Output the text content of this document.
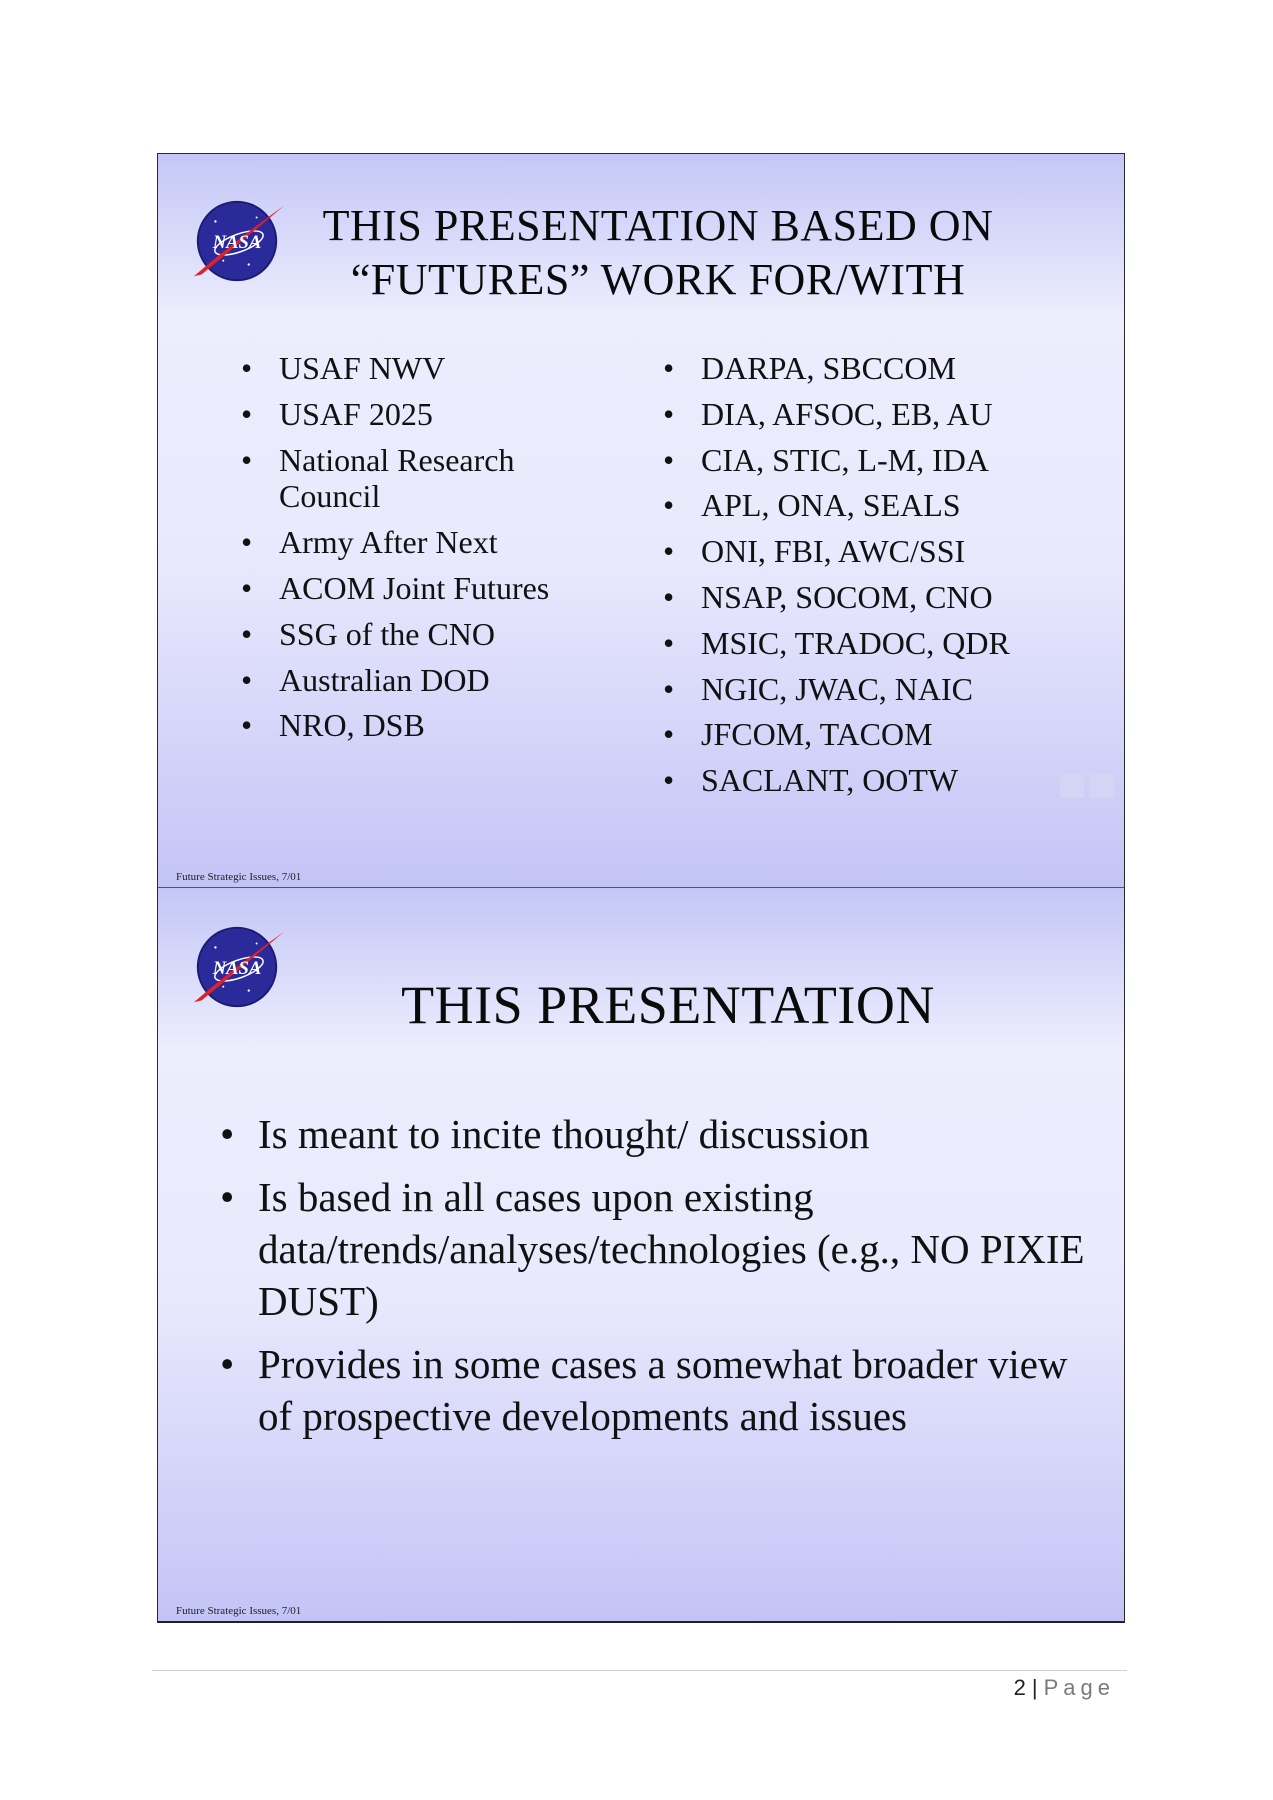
NASA	THIS PRESENTATION BASED ON
“FUTURES” WORK FOR/WITH
• USAF NWV
• USAF 2025
• National Research Council
• Army After Next
• ACOM Joint Futures
• SSG of the CNO
• Australian DOD
• NRO, DSB
• DARPA, SBCCOM
• DIA, AFSOC, EB, AU
• CIA, STIC, L-M, IDA
• APL, ONA, SEALS
• ONI, FBI, AWC/SSI
• NSAP, SOCOM, CNO
• MSIC, TRADOC, QDR
• NGIC, JWAC, NAIC
• JFCOM, TACOM
• SACLANT, OOTW
Future Strategic Issues, 7/01
NASA
THIS PRESENTATION
• Is meant to incite thought/ discussion
• Is based in all cases upon existing data/trends/analyses/technologies (e.g., NO PIXIE DUST)
• Provides in some cases a somewhat broader view of prospective developments and issues
Future Strategic Issues, 7/01
2 | Page
